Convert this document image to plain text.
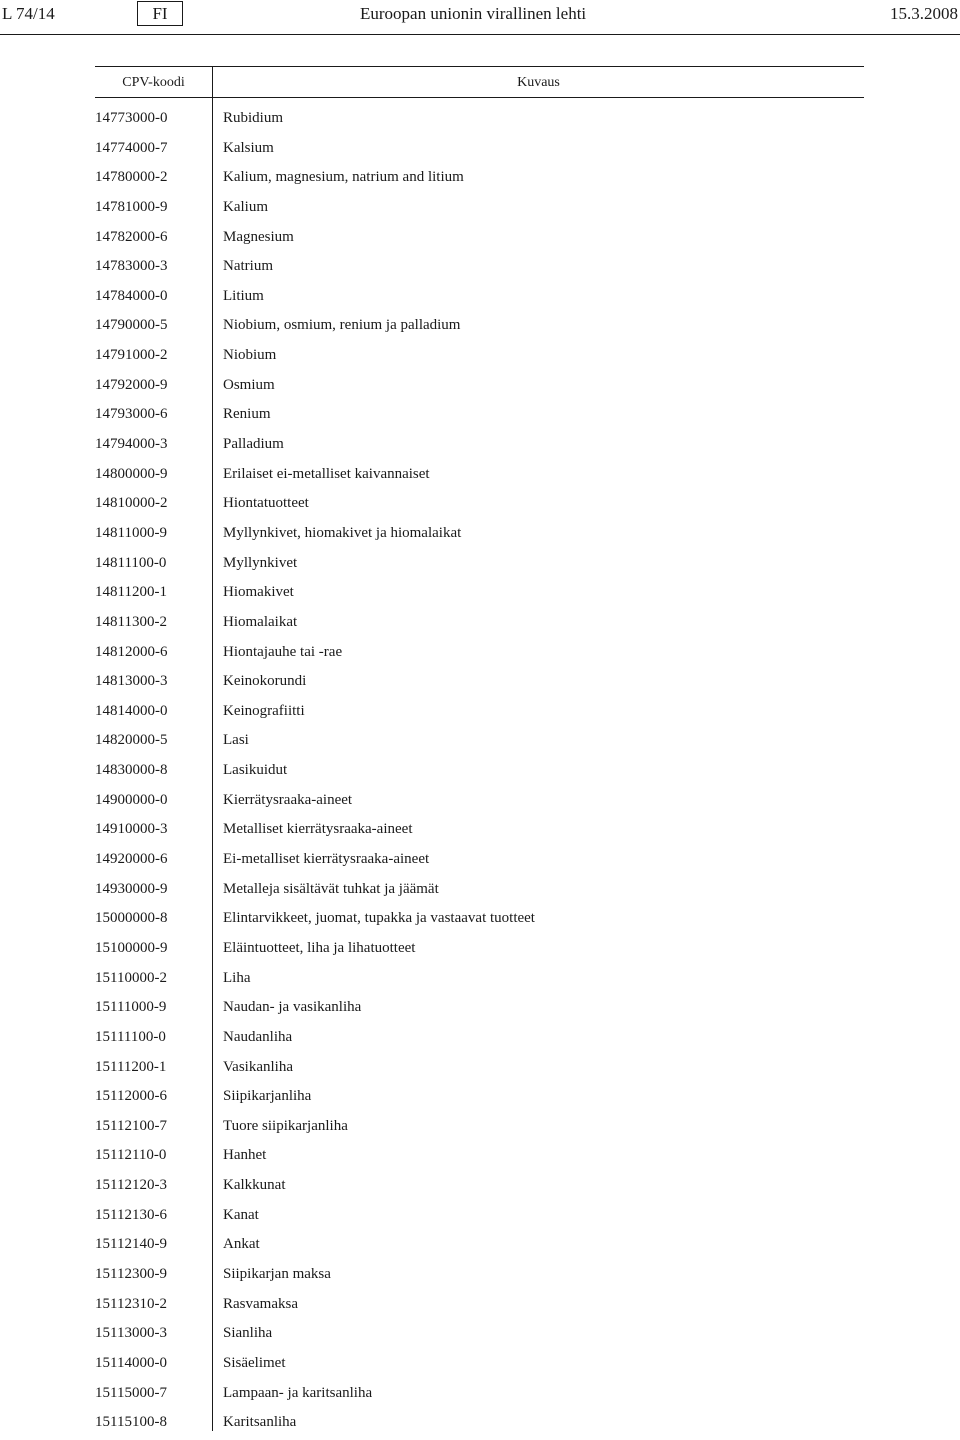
L 74/14	FI	Euroopan unionin virallinen lehti	15.3.2008
CPV-koodi	Kuvaus
14773000-0	Rubidium
14774000-7	Kalsium
14780000-2	Kalium, magnesium, natrium and litium
14781000-9	Kalium
14782000-6	Magnesium
14783000-3	Natrium
14784000-0	Litium
14790000-5	Niobium, osmium, renium ja palladium
14791000-2	Niobium
14792000-9	Osmium
14793000-6	Renium
14794000-3	Palladium
14800000-9	Erilaiset ei-metalliset kaivannaiset
14810000-2	Hiontatuotteet
14811000-9	Myllynkivet, hiomakivet ja hiomalaikat
14811100-0	Myllynkivet
14811200-1	Hiomakivet
14811300-2	Hiomalaikat
14812000-6	Hiontajauhe tai -rae
14813000-3	Keinokorundi
14814000-0	Keinografiitti
14820000-5	Lasi
14830000-8	Lasikuidut
14900000-0	Kierrätysraaka-aineet
14910000-3	Metalliset kierrätysraaka-aineet
14920000-6	Ei-metalliset kierrätysraaka-aineet
14930000-9	Metalleja sisältävät tuhkat ja jäämät
15000000-8	Elintarvikkeet, juomat, tupakka ja vastaavat tuotteet
15100000-9	Eläintuotteet, liha ja lihatuotteet
15110000-2	Liha
15111000-9	Naudan- ja vasikanliha
15111100-0	Naudanliha
15111200-1	Vasikanliha
15112000-6	Siipikarjanliha
15112100-7	Tuore siipikarjanliha
15112110-0	Hanhet
15112120-3	Kalkkunat
15112130-6	Kanat
15112140-9	Ankat
15112300-9	Siipikarjan maksa
15112310-2	Rasvamaksa
15113000-3	Sianliha
15114000-0	Sisäelimet
15115000-7	Lampaan- ja karitsanliha
15115100-8	Karitsanliha
